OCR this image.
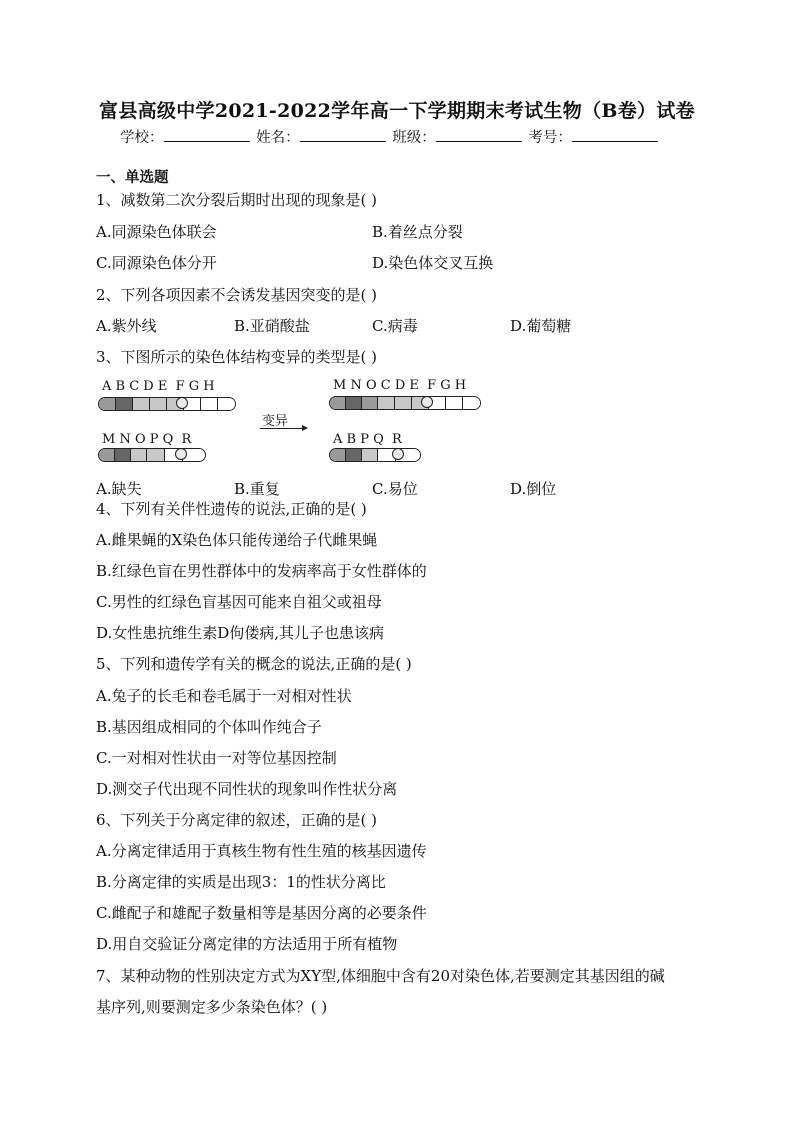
富县高级中学2021-2022学年高一下学期期末考试生物（B卷）试卷
学校：	姓名：	班级：	考号：
一、单选题
1、减数第二次分裂后期时出现的现象是( )
A.同源染色体联会	B.着丝点分裂
C.同源染色体分开	D.染色体交叉互换
2、下列各项因素不会诱发基因突变的是( )
A.紫外线	B.亚硝酸盐	C.病毒	D.葡萄糖
3、下图所示的染色体结构变异的类型是( )
A B C D E  F G H
M N O P Q  R
变异
M N O C D E  F G H
A B P Q  R
A.缺失	B.重复	C.易位	D.倒位
4、下列有关伴性遗传的说法,正确的是( )
A.雌果蝇的X染色体只能传递给子代雌果蝇
B.红绿色盲在男性群体中的发病率高于女性群体的
C.男性的红绿色盲基因可能来自祖父或祖母
D.女性患抗维生素D佝偻病,其儿子也患该病
5、下列和遗传学有关的概念的说法,正确的是( )
A.兔子的长毛和卷毛属于一对相对性状
B.基因组成相同的个体叫作纯合子
C.一对相对性状由一对等位基因控制
D.测交子代出现不同性状的现象叫作性状分离
6、下列关于分离定律的叙述，正确的是( )
A.分离定律适用于真核生物有性生殖的核基因遗传
B.分离定律的实质是出现3：1的性状分离比
C.雌配子和雄配子数量相等是基因分离的必要条件
D.用自交验证分离定律的方法适用于所有植物
7、某种动物的性别决定方式为XY型,体细胞中含有20对染色体,若要测定其基因组的碱
基序列,则要测定多少条染色体？( )
